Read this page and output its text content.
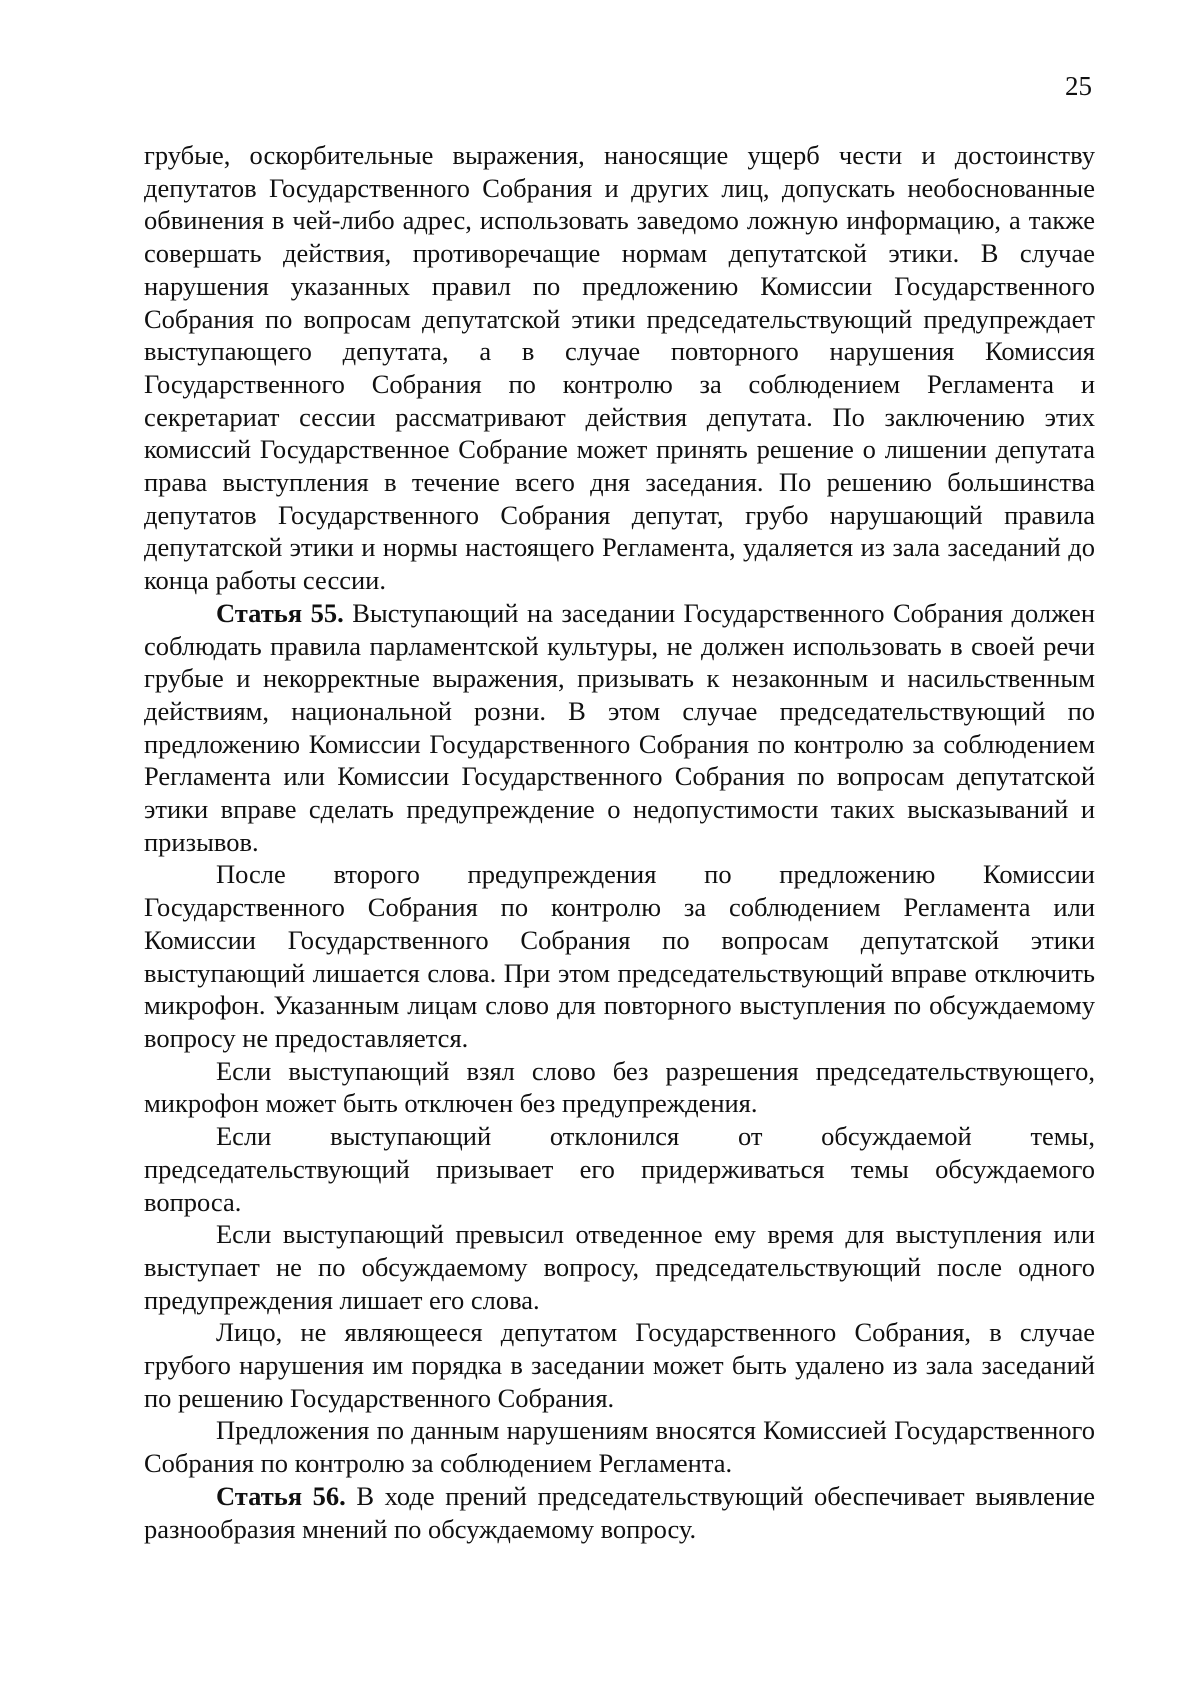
25

грубые, оскорбительные выражения, наносящие ущерб чести и достоинству депутатов Государственного Собрания и других лиц, допускать необоснованные обвинения в чей-либо адрес, использовать заведомо ложную информацию, а также совершать действия, противоречащие нормам депутатской этики. В случае нарушения указанных правил по предложению Комиссии Государственного Собрания по вопросам депутатской этики председательствующий предупреждает выступающего депутата, а в случае повторного нарушения Комиссия Государственного Собрания по контролю за соблюдением Регламента и секретариат сессии рассматривают действия депутата. По заключению этих комиссий Государственное Собрание может принять решение о лишении депутата права выступления в течение всего дня заседания. По решению большинства депутатов Государственного Собрания депутат, грубо нарушающий правила депутатской этики и нормы настоящего Регламента, удаляется из зала заседаний до конца работы сессии.

Статья 55. Выступающий на заседании Государственного Собрания должен соблюдать правила парламентской культуры, не должен использовать в своей речи грубые и некорректные выражения, призывать к незаконным и насильственным действиям, национальной розни. В этом случае председательствующий по предложению Комиссии Государственного Собрания по контролю за соблюдением Регламента или Комиссии Государственного Собрания по вопросам депутатской этики вправе сделать предупреждение о недопустимости таких высказываний и призывов.

После второго предупреждения по предложению Комиссии Государственного Собрания по контролю за соблюдением Регламента или Комиссии Государственного Собрания по вопросам депутатской этики выступающий лишается слова. При этом председательствующий вправе отключить микрофон. Указанным лицам слово для повторного выступления по обсуждаемому вопросу не предоставляется.

Если выступающий взял слово без разрешения председательствующего, микрофон может быть отключен без предупреждения.

Если выступающий отклонился от обсуждаемой темы, председательствующий призывает его придерживаться темы обсуждаемого вопроса.

Если выступающий превысил отведенное ему время для выступления или выступает не по обсуждаемому вопросу, председательствующий после одного предупреждения лишает его слова.

Лицо, не являющееся депутатом Государственного Собрания, в случае грубого нарушения им порядка в заседании может быть удалено из зала заседаний по решению Государственного Собрания.

Предложения по данным нарушениям вносятся Комиссией Государственного Собрания по контролю за соблюдением Регламента.

Статья 56. В ходе прений председательствующий обеспечивает выявление разнообразия мнений по обсуждаемому вопросу.
